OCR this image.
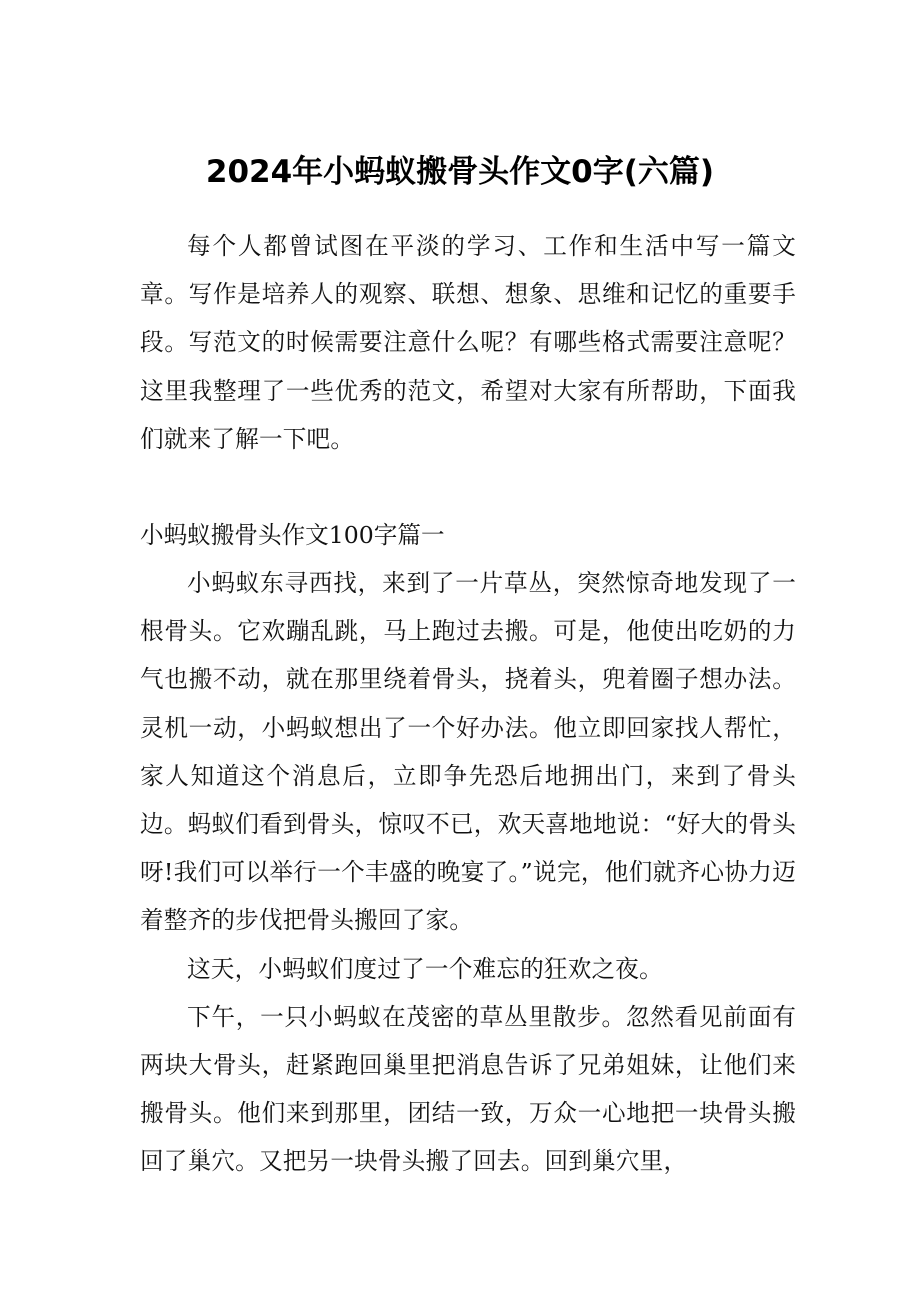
2024年小蚂蚁搬骨头作文0字(六篇)

每个人都曾试图在平淡的学习、工作和生活中写一篇文章。写作是培养人的观察、联想、想象、思维和记忆的重要手段。写范文的时候需要注意什么呢？有哪些格式需要注意呢？这里我整理了一些优秀的范文，希望对大家有所帮助，下面我们就来了解一下吧。

小蚂蚁搬骨头作文100字篇一

小蚂蚁东寻西找，来到了一片草丛，突然惊奇地发现了一根骨头。它欢蹦乱跳，马上跑过去搬。可是，他使出吃奶的力气也搬不动，就在那里绕着骨头，挠着头，兜着圈子想办法。灵机一动，小蚂蚁想出了一个好办法。他立即回家找人帮忙，家人知道这个消息后，立即争先恐后地拥出门，来到了骨头边。蚂蚁们看到骨头，惊叹不已，欢天喜地地说：“好大的骨头呀!我们可以举行一个丰盛的晚宴了。”说完，他们就齐心协力迈着整齐的步伐把骨头搬回了家。

这天，小蚂蚁们度过了一个难忘的狂欢之夜。

下午，一只小蚂蚁在茂密的草丛里散步。忽然看见前面有两块大骨头，赶紧跑回巢里把消息告诉了兄弟姐妹，让他们来搬骨头。他们来到那里，团结一致，万众一心地把一块骨头搬回了巢穴。又把另一块骨头搬了回去。回到巢穴里，
